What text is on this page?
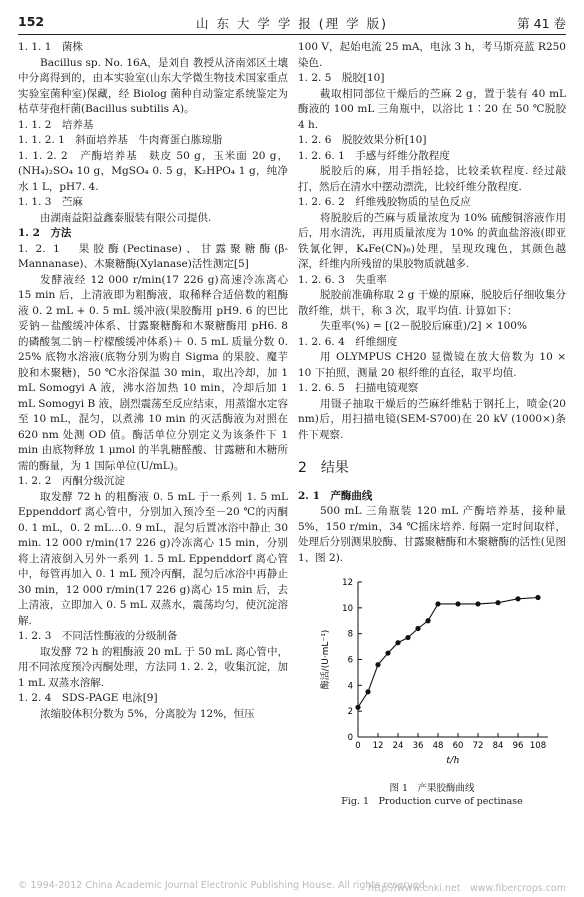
152	山 东 大 学 学 报 (理 学 版)	第 41 卷

1. 1. 1　菌株

Bacillus sp. No. 16A，是刘自 教授从济南郊区土壤中分离得到的，由本实验室(山东大学微生物技术国家重点实验室菌种室)保藏，经 Biolog 菌种自动鉴定系统鉴定为枯草芽孢杆菌(Bacillus subtilis A)。

1. 1. 2　培养基

1. 1. 2. 1　斜面培养基　牛肉膏蛋白胨琼脂

1. 1. 2. 2　产酶培养基　麸皮 50 g，玉米面 20 g，(NH₄)₂SO₄ 10 g，MgSO₄ 0. 5 g，K₂HPO₄ 1 g，纯净水 1 L，pH7. 4.

1. 1. 3　苎麻

由湖南益阳益鑫泰服装有限公司提供.

1. 2　方法

1. 2. 1　果胶酶(Pectinase)、甘露聚糖酶(β-Mannanase)、木聚糖酶(Xylanase)活性测定[5]

发酵液经 12 000 r/min(17 226 g)高速冷冻离心 15 min 后，上清液即为粗酶液，取稀释合适倍数的粗酶液 0. 2 mL + 0. 5 mL 缓冲液(果胶酶用 pH9. 6 的巴比妥钠－盐酸缓冲体系、甘露聚糖酶和木聚糖酶用 pH6. 8 的磷酸氢二钠－柠檬酸缓冲体系)＋ 0. 5 mL 质量分数 0. 25% 底物水溶液(底物分别为购自 Sigma 的果胶、魔芋胶和木聚糖)，50 ℃水浴保温 30 min，取出冷却，加 1 mL Somogyi A 液，沸水浴加热 10 min，冷却后加 1 mL Somogyi B 液，剧烈震荡至反应结束，用蒸馏水定容至 10 mL，混匀，以煮沸 10 min 的灭活酶液为对照在 620 nm 处测 OD 值。酶活单位分别定义为该条件下 1 min 由底物释放 1 μmol 的半乳糖醛酸、甘露糖和木糖所需的酶量，为 1 国际单位(U/mL)。

1. 2. 2　丙酮分级沉淀

取发酵 72 h 的粗酶液 0. 5 mL 于一系列 1. 5 mL Eppenddorf 离心管中，分别加入预冷至－20 ℃的丙酮 0. 1 mL，0. 2 mL…0. 9 mL，混匀后置冰浴中静止 30 min. 12 000 r/min(17 226 g)冷冻离心 15 min，分别将上清液倒入另外一系列 1. 5 mL Eppenddorf 离心管中，每管再加入 0. 1 mL 预冷丙酮，混匀后冰浴中再静止 30 min，12 000 r/min(17 226 g)离心 15 min 后，去上清液，立即加入 0. 5 mL 双蒸水，震荡均匀，使沉淀溶解.

1. 2. 3　不同活性酶液的分级制备

取发酵 72 h 的粗酶液 20 mL 于 50 mL 离心管中，用不同浓度预冷丙酮处理，方法同 1. 2. 2，收集沉淀，加 1 mL 双蒸水溶解.

1. 2. 4　SDS-PAGE 电泳[9]

浓缩胶体积分数为 5%，分离胶为 12%，恒压

100 V，起始电流 25 mA，电泳 3 h，考马斯亮蓝 R250 染色.

1. 2. 5　脱胶[10]

截取相同部位干燥后的苎麻 2 g，置于装有 40 mL 酶液的 100 mL 三角瓶中，以浴比 1∶20 在 50 ℃脱胶 4 h.

1. 2. 6　脱胶效果分析[10]

1. 2. 6. 1　手感与纤维分散程度

脱胶后的麻，用手指轻捻，比较柔软程度. 经过敲打，然后在清水中摆动漂洗，比较纤维分散程度.

1. 2. 6. 2　纤维残胶物质的呈色反应

将脱胶后的苎麻与质量浓度为 10% 硫酸铜溶液作用后，用水清洗，再用质量浓度为 10% 的黄血盐溶液(即亚铁氰化钾，K₄Fe(CN)₆)处理，呈现玫瑰色，其颜色越深，纤维内所残留的果胶物质就越多.

1. 2. 6. 3　失重率

脱胶前准确称取 2 g 干燥的原麻，脱胶后仔细收集分散纤维，烘干，称 3 次，取平均值. 计算如下：

失重率(%) = [(2－脱胶后麻重)/2] × 100%

1. 2. 6. 4　纤维细度

用 OLYMPUS CH20 显微镜在放大倍数为 10 × 10 下拍照，测量 20 根纤维的直径，取平均值.

1. 2. 6. 5　扫描电镜观察

用镊子抽取干燥后的苎麻纤维粘于钢托上，喷金(20 nm)后，用扫描电镜(SEM-S700)在 20 kV (1000×)条件下观察.

2　结果

2. 1　产酶曲线

500 mL 三角瓶装 120 mL 产酶培养基，接种量 5%，150 r/min，34 ℃摇床培养. 每隔一定时间取样，处理后分别测果胶酶、甘露聚糖酶和木聚糖酶的活性(见图 1、图 2).

0
2
4
6
8
10
12
0 12 24 36 48 60 72 84 96 108
t/h
酶活/(U·mL⁻¹)
图 1　产果胶酶曲线
Fig. 1　Production curve of pectinase
© 1994-2012 China Academic Journal Electronic Publishing House. All rights reserved.
http://www.cnki.net　www.fibercrops.com
